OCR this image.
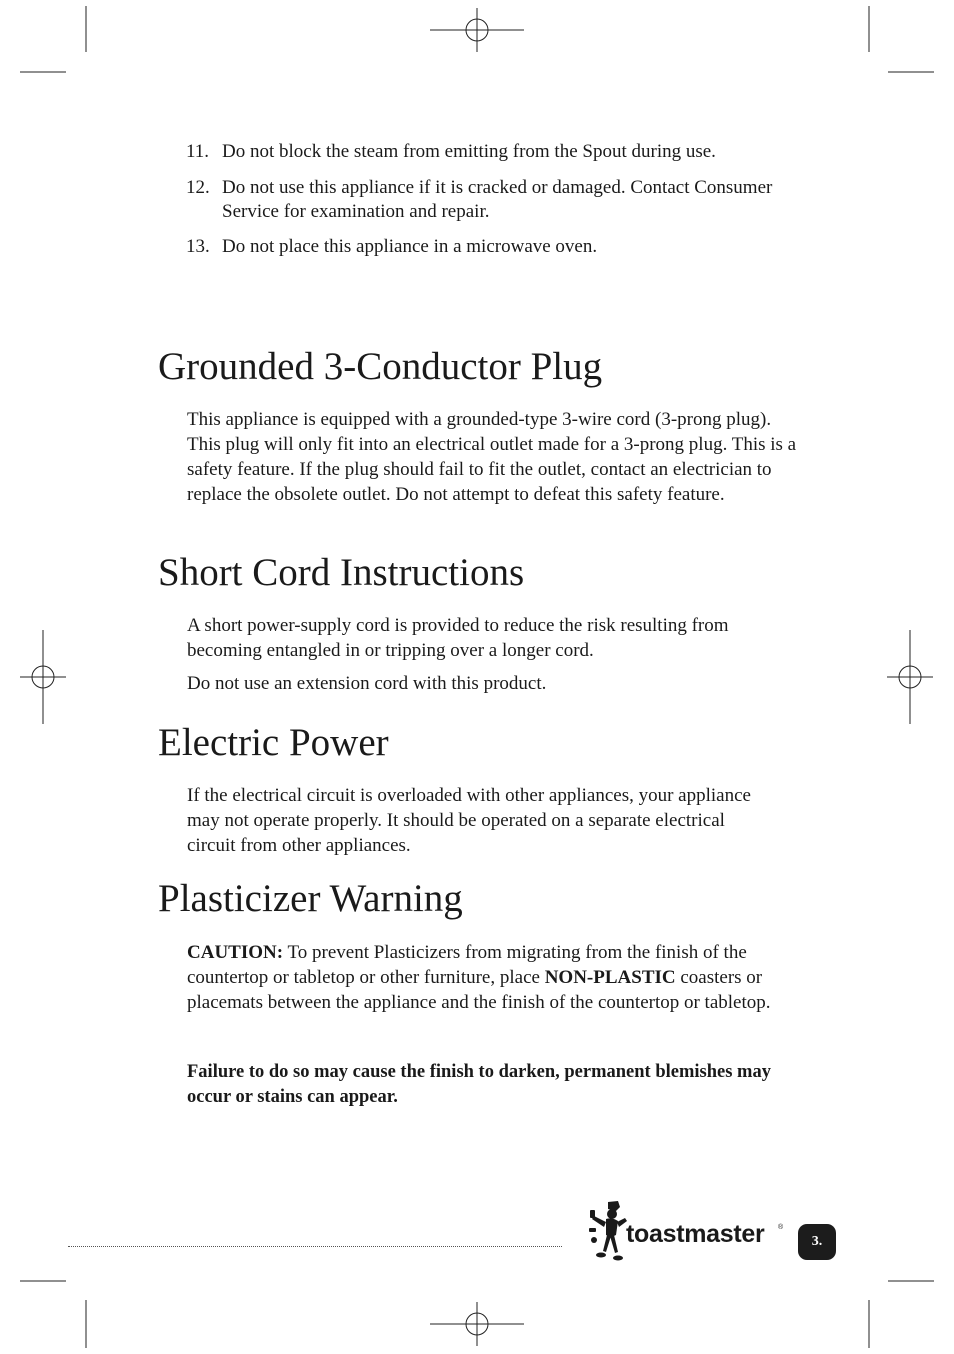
11. Do not block the steam from emitting from the Spout during use.
12. Do not use this appliance if it is cracked or damaged. Contact Consumer Service for examination and repair.
13. Do not place this appliance in a microwave oven.
Grounded 3-Conductor Plug

This appliance is equipped with a grounded-type 3-wire cord (3-prong plug). This plug will only fit into an electrical outlet made for a 3-prong plug. This is a safety feature. If the plug should fail to fit the outlet, contact an electrician to replace the obsolete outlet. Do not attempt to defeat this safety feature.

Short Cord Instructions

A short power-supply cord is provided to reduce the risk resulting from becoming entangled in or tripping over a longer cord.

Do not use an extension cord with this product.

Electric Power

If the electrical circuit is overloaded with other appliances, your appliance may not operate properly. It should be operated on a separate electrical circuit from other appliances.

Plasticizer Warning

CAUTION: To prevent Plasticizers from migrating from the finish of the countertop or tabletop or other furniture, place NON-PLASTIC coasters or placemats between the appliance and the finish of the countertop or tabletop.

Failure to do so may cause the finish to darken, permanent blemishes may occur or stains can appear.

toastmaster ®
3.
